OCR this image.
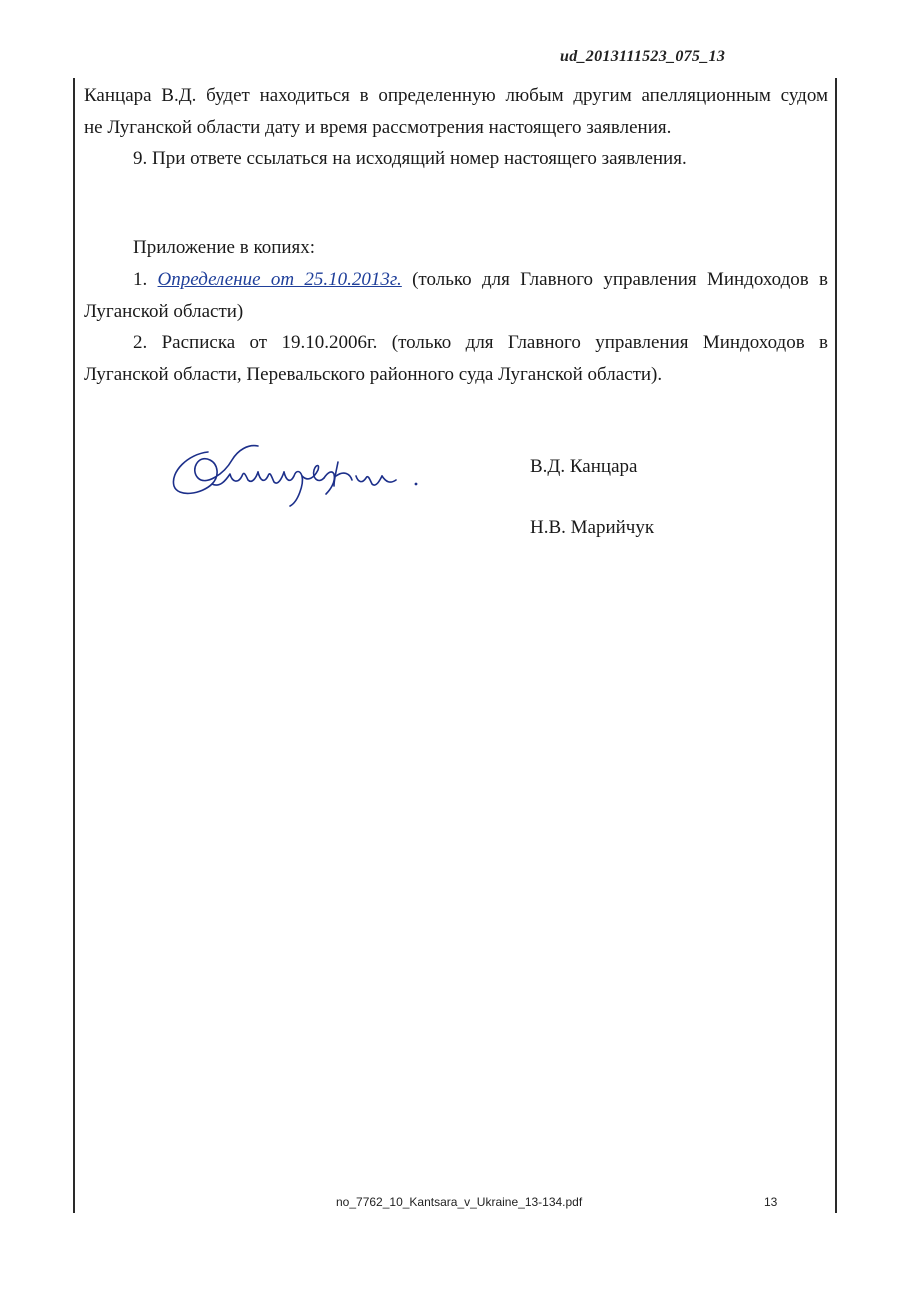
ud_2013111523_075_13
Канцара В.Д. будет находиться в определенную любым другим апелляционным судом
не Луганской области дату и время рассмотрения настоящего заявления.
9. При ответе ссылаться на исходящий номер настоящего заявления.
Приложение в копиях:
1. Определение от 25.10.2013г. (только для Главного управления Миндоходов в
Луганской области)
2. Расписка от 19.10.2006г. (только для Главного управления Миндоходов в
Луганской области, Перевальского районного суда Луганской области).
В.Д. Канцара
Н.В. Марийчук
no_7762_10_Kantsara_v_Ukraine_13-134.pdf	13
